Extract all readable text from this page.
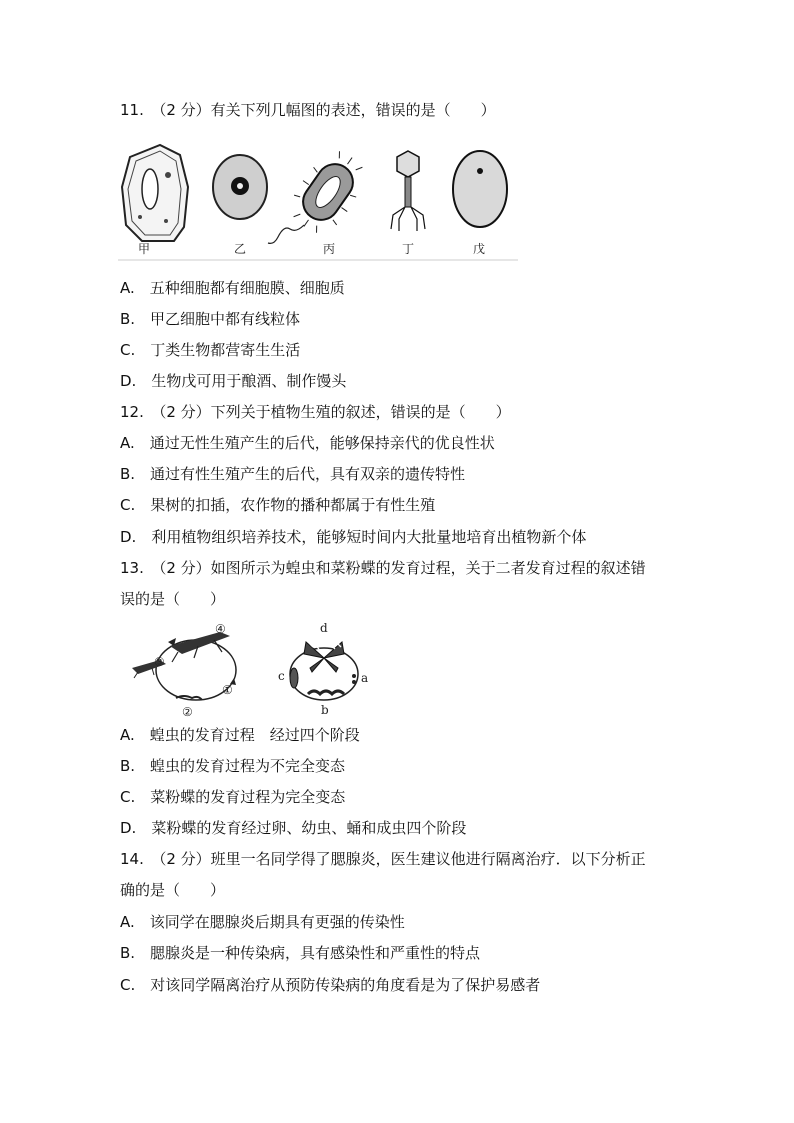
11.　（2 分）有关下列几幅图的表述，错误的是（　　）
甲	乙	丙	丁	戊
A.　五种细胞都有细胞膜、细胞质
B.　甲乙细胞中都有线粒体
C.　丁类生物都营寄生生活
D.　生物戊可用于酿酒、制作馒头
12.　（2 分）下列关于植物生殖的叙述，错误的是（　　）
A.　通过无性生殖产生的后代，能够保持亲代的优良性状
B.　通过有性生殖产生的后代，具有双亲的遗传特性
C.　果树的扣插，农作物的播种都属于有性生殖
D.　利用植物组织培养技术，能够短时间内大批量地培育出植物新个体
13.　（2 分）如图所示为蝗虫和菜粉蝶的发育过程，关于二者发育过程的叙述错
误的是（　　）
④
③
①
②
d
c	a
b
A.　蝗虫的发育过程　经过四个阶段
B.　蝗虫的发育过程为不完全变态
C.　菜粉蝶的发育过程为完全变态
D.　菜粉蝶的发育经过卵、幼虫、蛹和成虫四个阶段
14.　（2 分）班里一名同学得了腮腺炎，医生建议他进行隔离治疗．以下分析正
确的是（　　）
A.　该同学在腮腺炎后期具有更强的传染性
B.　腮腺炎是一种传染病，具有感染性和严重性的特点
C.　对该同学隔离治疗从预防传染病的角度看是为了保护易感者
